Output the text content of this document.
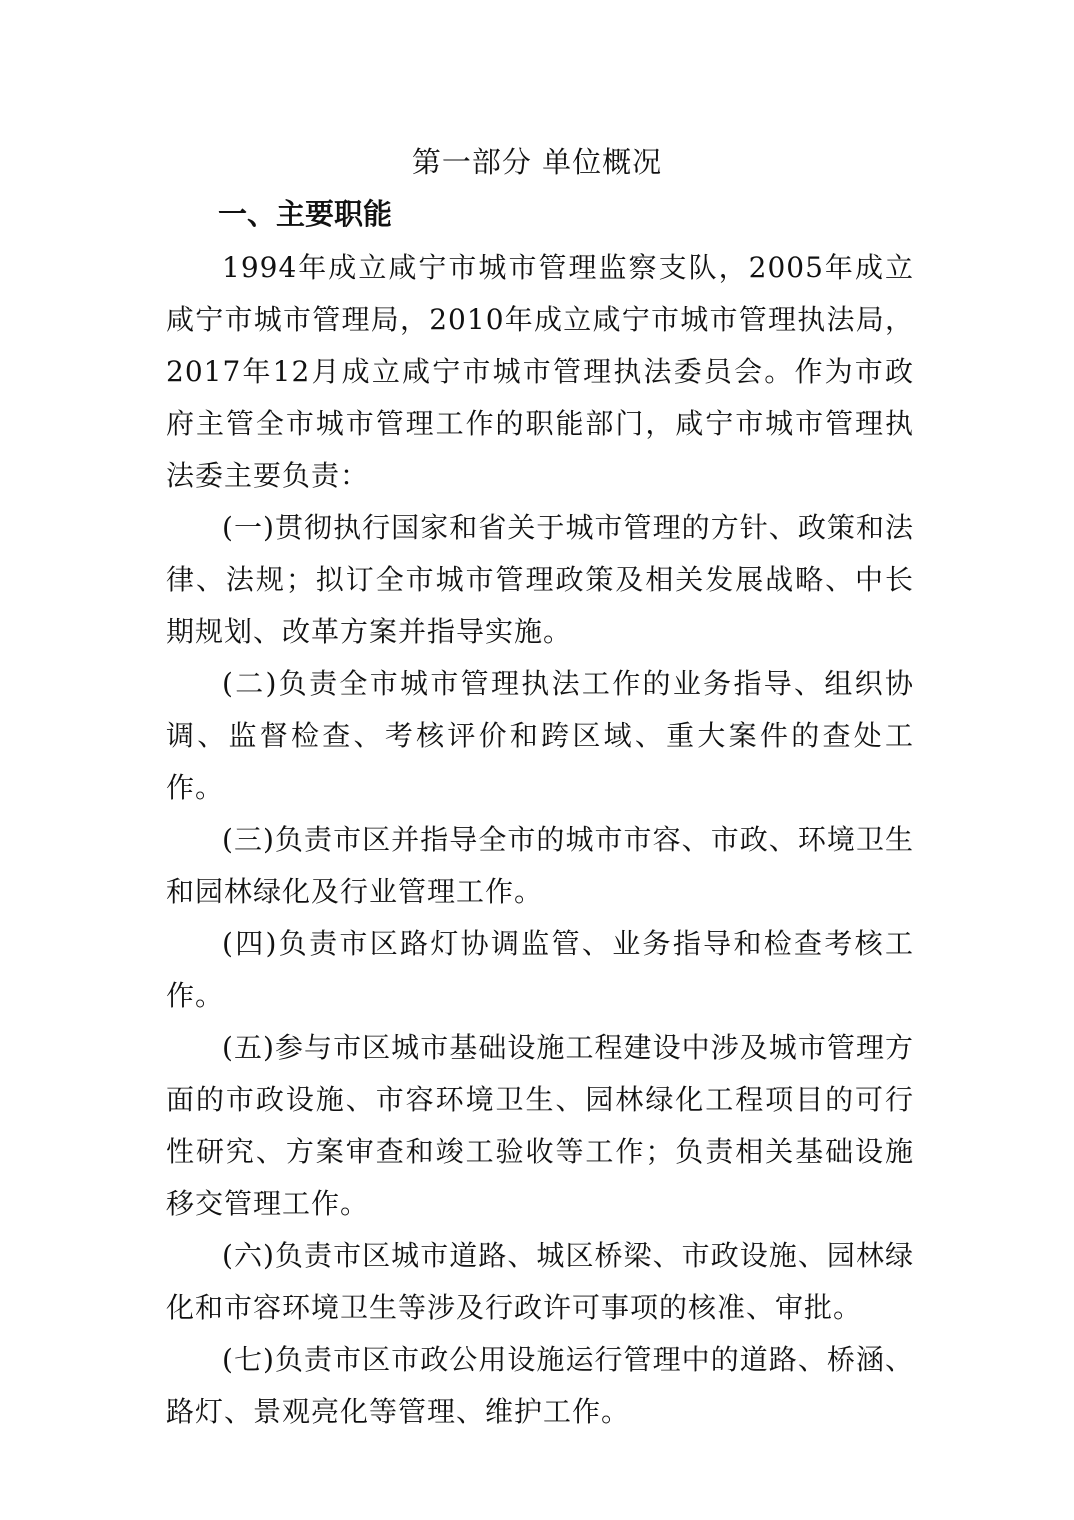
第一部分 单位概况
一、主要职能

1994年成立咸宁市城市管理监察支队，2005年成立咸宁市城市管理局，2010年成立咸宁市城市管理执法局，2017年12月成立咸宁市城市管理执法委员会。作为市政府主管全市城市管理工作的职能部门，咸宁市城市管理执法委主要负责：

(一)贯彻执行国家和省关于城市管理的方针、政策和法律、法规；拟订全市城市管理政策及相关发展战略、中长期规划、改革方案并指导实施。

(二)负责全市城市管理执法工作的业务指导、组织协调、监督检查、考核评价和跨区域、重大案件的查处工作。

(三)负责市区并指导全市的城市市容、市政、环境卫生和园林绿化及行业管理工作。

(四)负责市区路灯协调监管、业务指导和检查考核工作。

(五)参与市区城市基础设施工程建设中涉及城市管理方面的市政设施、市容环境卫生、园林绿化工程项目的可行性研究、方案审查和竣工验收等工作；负责相关基础设施移交管理工作。

(六)负责市区城市道路、城区桥梁、市政设施、园林绿化和市容环境卫生等涉及行政许可事项的核准、审批。

(七)负责市区市政公用设施运行管理中的道路、桥涵、路灯、景观亮化等管理、维护工作。
